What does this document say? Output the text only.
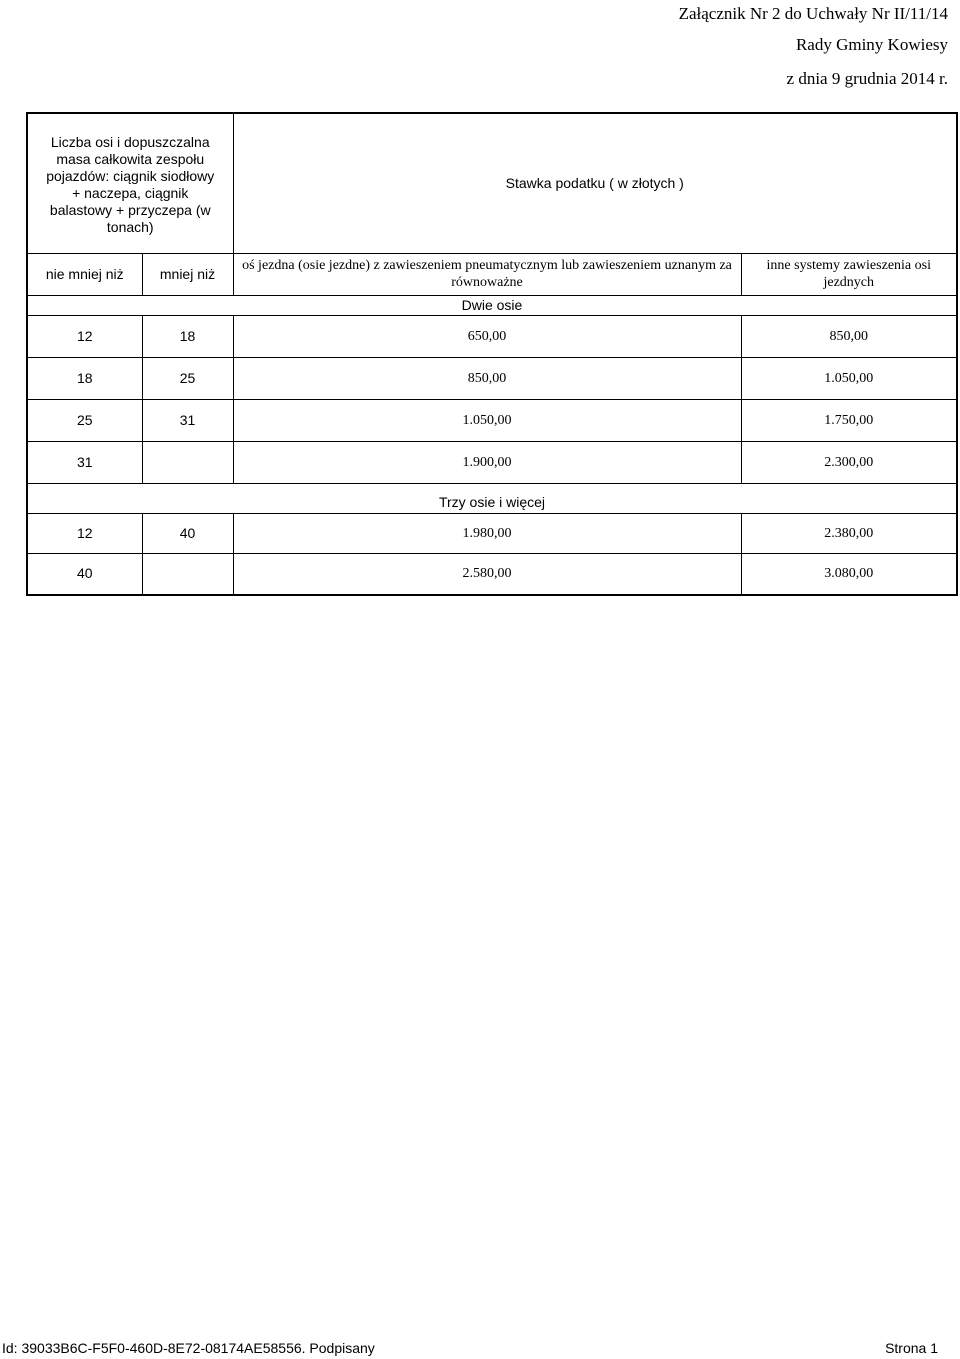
Załącznik Nr 2 do Uchwały Nr II/11/14
Rady Gminy Kowiesy
z dnia 9 grudnia 2014 r.
Liczba osi i dopuszczalna masa całkowita zespołu pojazdów: ciągnik siodłowy + naczepa, ciągnik balastowy + przyczepa (w tonach)		Stawka podatku ( w złotych )	
nie mniej niż	mniej niż	oś jezdna (osie jezdne) z zawieszeniem pneumatycznym lub zawieszeniem uznanym za równoważne	inne systemy zawieszenia osi jezdnych
Dwie osie			
12	18	650,00	850,00
18	25	850,00	1.050,00
25	31	1.050,00	1.750,00
31		1.900,00	2.300,00
Trzy osie i więcej			
12	40	1.980,00	2.380,00
40		2.580,00	3.080,00
Id: 39033B6C-F5F0-460D-8E72-08174AE58556. Podpisany	Strona 1
